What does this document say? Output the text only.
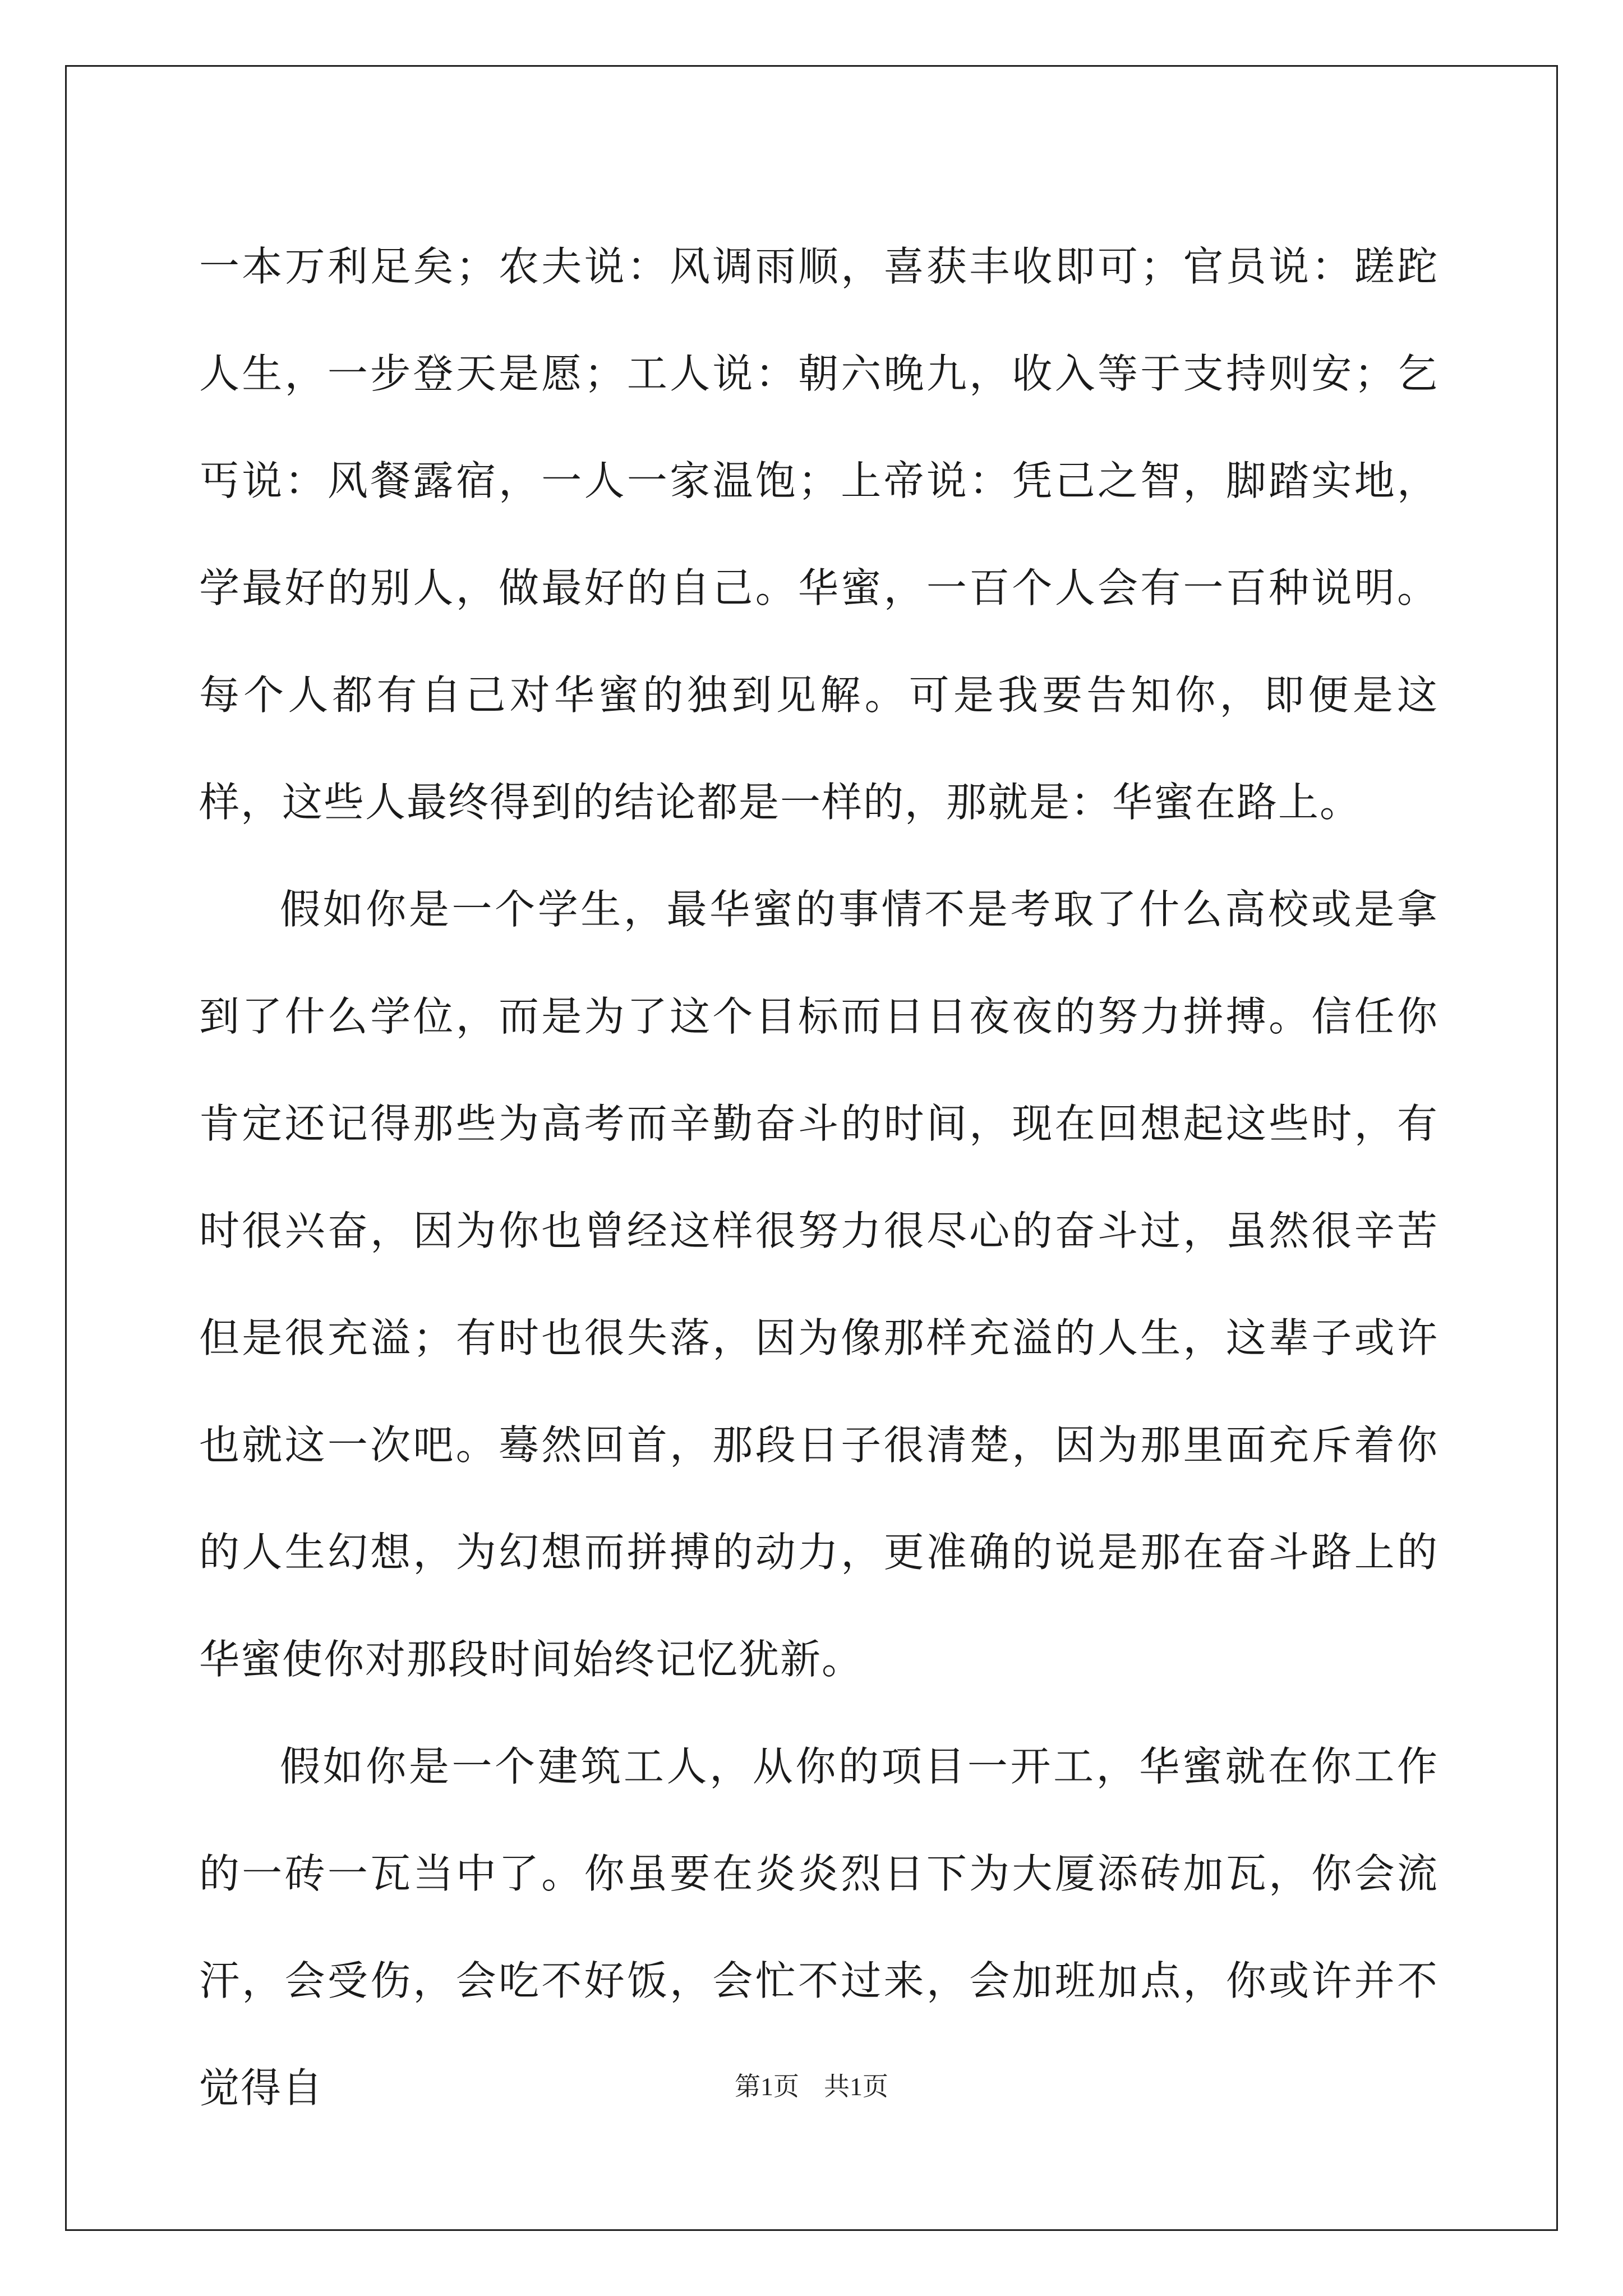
一本万利足矣；农夫说：风调雨顺，喜获丰收即可；官员说：蹉跎人生，一步登天是愿；工人说：朝六晚九，收入等于支持则安；乞丐说：风餐露宿，一人一家温饱；上帝说：凭己之智，脚踏实地，学最好的别人，做最好的自己。华蜜，一百个人会有一百种说明。每个人都有自己对华蜜的独到见解。可是我要告知你，即便是这样，这些人最终得到的结论都是一样的，那就是：华蜜在路上。

假如你是一个学生，最华蜜的事情不是考取了什么高校或是拿到了什么学位，而是为了这个目标而日日夜夜的努力拼搏。信任你肯定还记得那些为高考而辛勤奋斗的时间，现在回想起这些时，有时很兴奋，因为你也曾经这样很努力很尽心的奋斗过，虽然很辛苦但是很充溢；有时也很失落，因为像那样充溢的人生，这辈子或许也就这一次吧。蓦然回首，那段日子很清楚，因为那里面充斥着你的人生幻想，为幻想而拼搏的动力，更准确的说是那在奋斗路上的华蜜使你对那段时间始终记忆犹新。

假如你是一个建筑工人，从你的项目一开工，华蜜就在你工作的一砖一瓦当中了。你虽要在炎炎烈日下为大厦添砖加瓦，你会流汗，会受伤，会吃不好饭，会忙不过来，会加班加点，你或许并不觉得自	第1页 共1页
